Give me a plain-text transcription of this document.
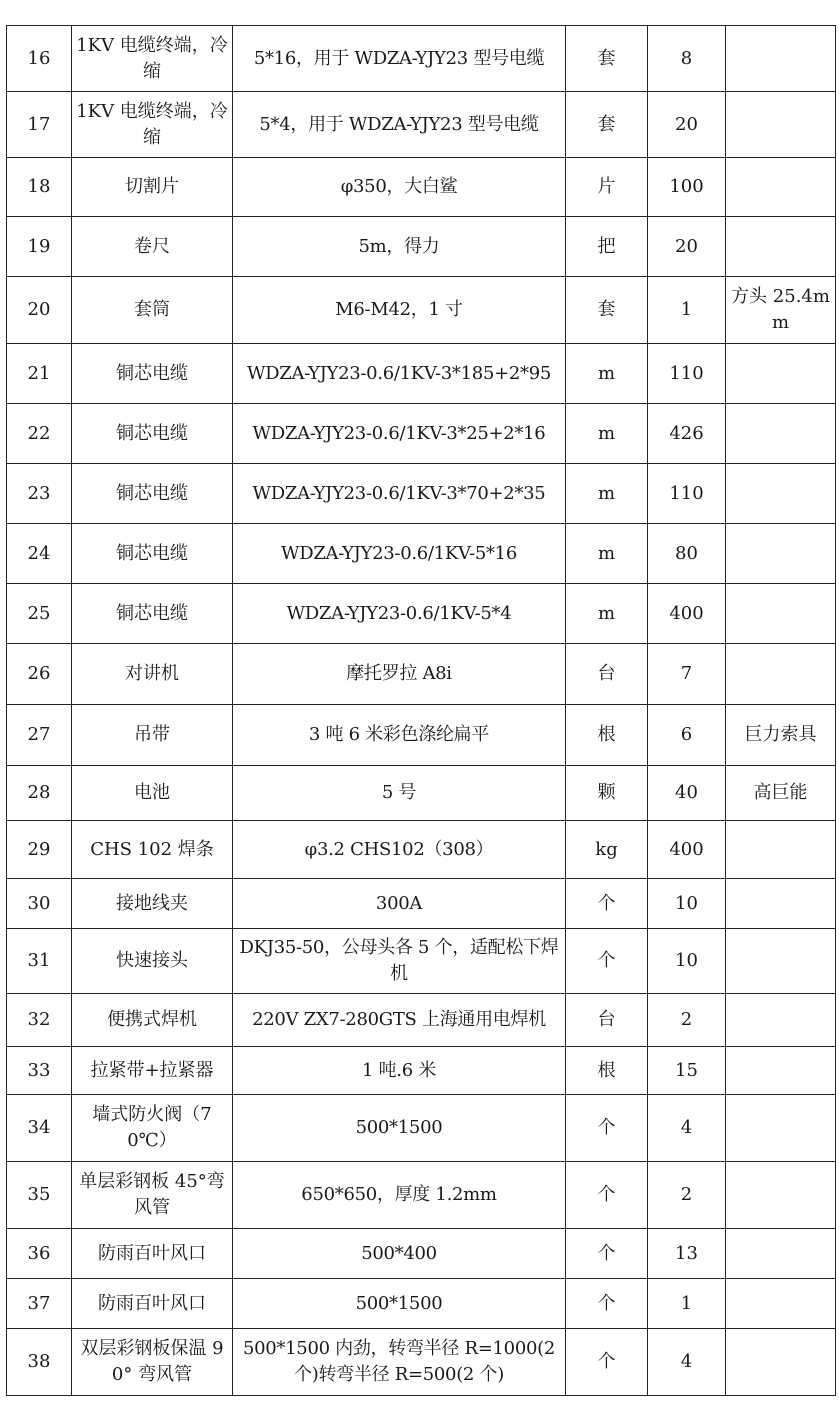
16	1KV 电缆终端，冷缩	5*16，用于 WDZA-YJY23 型号电缆	套	8	
17	1KV 电缆终端，冷缩	5*4，用于 WDZA-YJY23 型号电缆	套	20	
18	切割片	φ350，大白鲨	片	100	
19	卷尺	5m，得力	把	20	
20	套筒	M6-M42，1 寸	套	1	方头 25.4mm
21	铜芯电缆	WDZA-YJY23-0.6/1KV-3*185+2*95	m	110	
22	铜芯电缆	WDZA-YJY23-0.6/1KV-3*25+2*16	m	426	
23	铜芯电缆	WDZA-YJY23-0.6/1KV-3*70+2*35	m	110	
24	铜芯电缆	WDZA-YJY23-0.6/1KV-5*16	m	80	
25	铜芯电缆	WDZA-YJY23-0.6/1KV-5*4	m	400	
26	对讲机	摩托罗拉 A8i	台	7	
27	吊带	3 吨 6 米彩色涤纶扁平	根	6	巨力索具
28	电池	5 号	颗	40	高巨能
29	CHS 102 焊条	φ3.2 CHS102（308）	kg	400	
30	接地线夹	300A	个	10	
31	快速接头	DKJ35-50，公母头各 5 个，适配松下焊机	个	10	
32	便携式焊机	220V ZX7-280GTS 上海通用电焊机	台	2	
33	拉紧带+拉紧器	1 吨.6 米	根	15	
34	墙式防火阀（70℃）	500*1500	个	4	
35	单层彩钢板 45°弯风管	650*650，厚度 1.2mm	个	2	
36	防雨百叶风口	500*400	个	13	
37	防雨百叶风口	500*1500	个	1	
38	双层彩钢板保温 90° 弯风管	500*1500 内劲，转弯半径 R=1000(2 个)转弯半径 R=500(2 个)	个	4	
